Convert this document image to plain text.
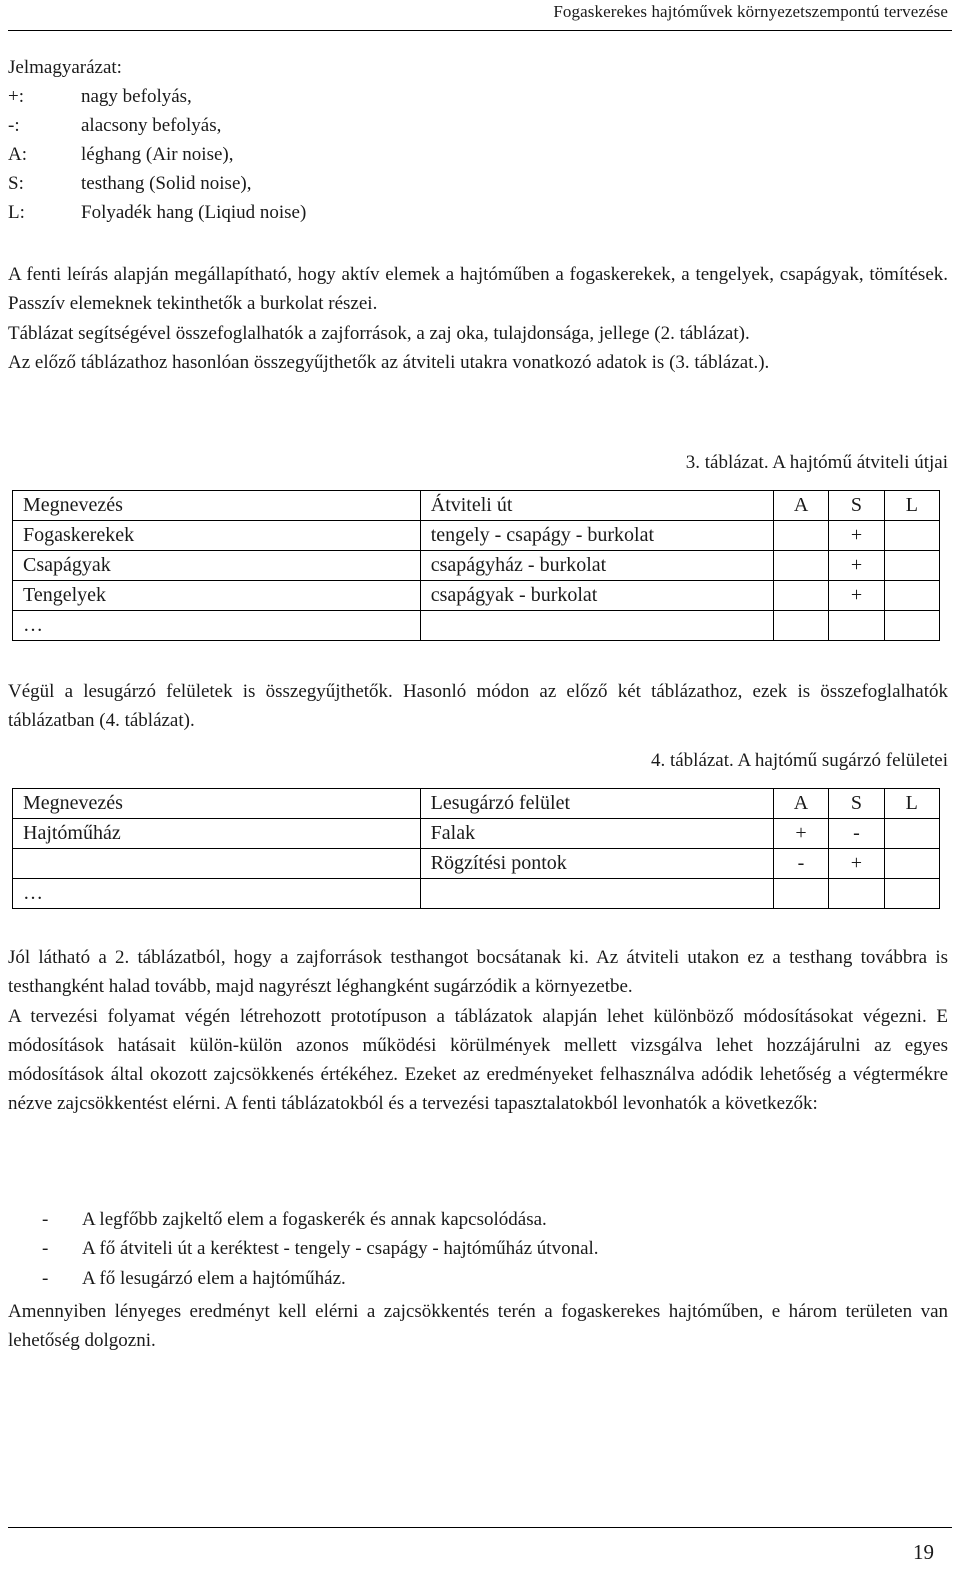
Fogaskerekes hajtóművek környezetszempontú tervezése
Jelmagyarázat:
+:	nagy befolyás,
-:	alacsony befolyás,
A:	léghang (Air noise),
S:	testhang (Solid noise),
L:	Folyadék hang (Liqiud noise)

A fenti leírás alapján megállapítható, hogy aktív elemek a hajtóműben a fogaskerekek, a tengelyek, csapágyak, tömítések. Passzív elemeknek tekinthetők a burkolat részei.

Táblázat segítségével összefoglalhatók a zajforrások, a zaj oka, tulajdonsága, jellege (2. táblázat).

Az előző táblázathoz hasonlóan összegyűjthetők az átviteli utakra vonatkozó adatok is (3. táblázat.).

3. táblázat. A hajtómű átviteli útjai
Megnevezés	Átviteli út	A	S	L
Fogaskerekek	tengely - csapágy - burkolat		+	
Csapágyak	csapágyház - burkolat		+	
Tengelyek	csapágyak - burkolat		+	
…				

Végül a lesugárzó felületek is összegyűjthetők. Hasonló módon az előző két táblázathoz, ezek is összefoglalhatók táblázatban (4. táblázat).

4. táblázat. A hajtómű sugárzó felületei
Megnevezés	Lesugárzó felület	A	S	L
Hajtóműház	Falak	+	-	
	Rögzítési pontok	-	+	
…				

Jól látható a 2. táblázatból, hogy a zajforrások testhangot bocsátanak ki. Az átviteli utakon ez a testhang továbbra is testhangként halad tovább, majd nagyrészt léghangként sugárzódik a környezetbe.

A tervezési folyamat végén létrehozott prototípuson a táblázatok alapján lehet különböző módosításokat végezni. E módosítások hatásait külön-külön azonos működési körülmények mellett vizsgálva lehet hozzájárulni az egyes módosítások által okozott zajcsökkenés értékéhez. Ezeket az eredményeket felhasználva adódik lehetőség a végtermékre nézve zajcsökkentést elérni. A fenti táblázatokból és a tervezési tapasztalatokból levonhatók a következők:

- A legfőbb zajkeltő elem a fogaskerék és annak kapcsolódása.
- A fő átviteli út a keréktest - tengely - csapágy - hajtóműház útvonal.
- A fő lesugárzó elem a hajtóműház.

Amennyiben lényeges eredményt kell elérni a zajcsökkentés terén a fogaskerekes hajtóműben, e három területen van lehetőség dolgozni.

19
